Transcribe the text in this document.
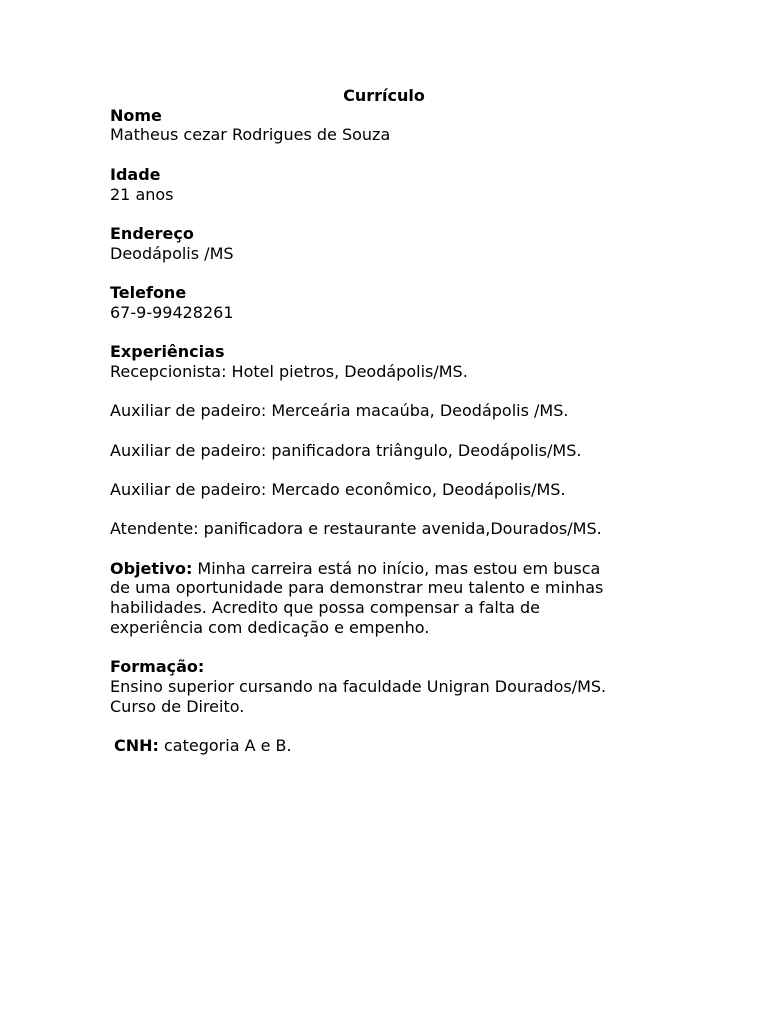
Currículo
Nome
Matheus cezar Rodrigues de Souza
Idade
21 anos
Endereço
Deodápolis /MS
Telefone
67-9-99428261
Experiências
Recepcionista: Hotel pietros, Deodápolis/MS.
Auxiliar de padeiro: Merceária macaúba, Deodápolis /MS.
Auxiliar de padeiro: panificadora triângulo, Deodápolis/MS.
Auxiliar de padeiro: Mercado econômico, Deodápolis/MS.
Atendente: panificadora e restaurante avenida,Dourados/MS.
Objetivo: Minha carreira está no início, mas estou em busca
de uma oportunidade para demonstrar meu talento e minhas
habilidades. Acredito que possa compensar a falta de
experiência com dedicação e empenho.
Formação:
Ensino superior cursando na faculdade Unigran Dourados/MS.
Curso de Direito.
CNH: categoria A e B.
